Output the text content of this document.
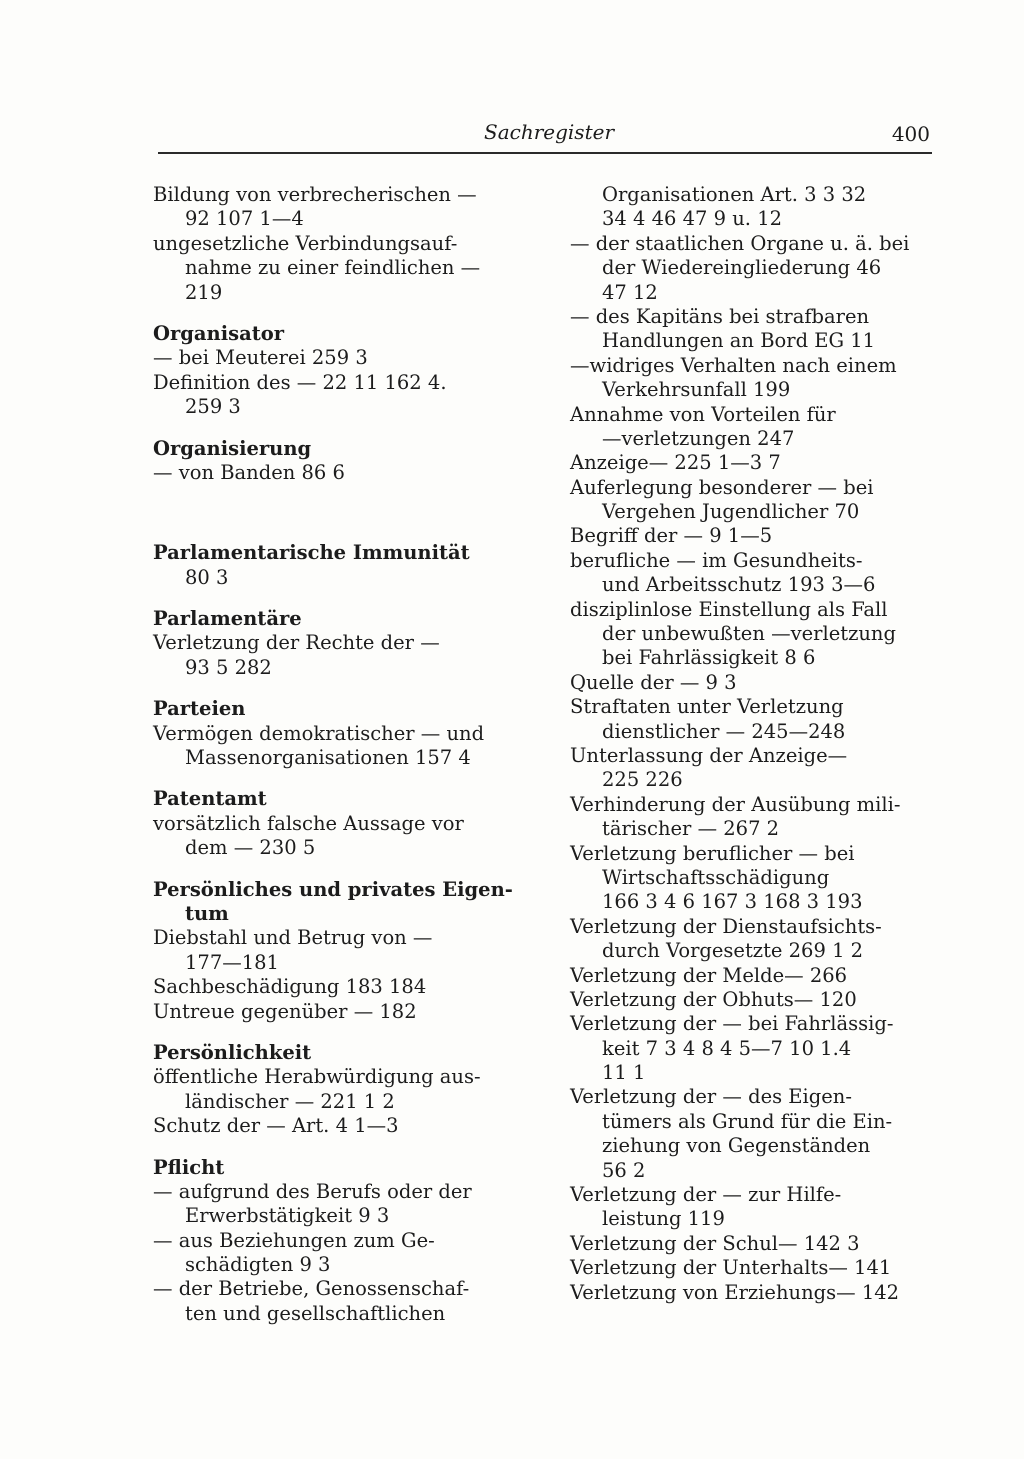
Sachregister	400
Bildung von verbrecherischen —
92 107 1—4
ungesetzliche Verbindungsauf-
nahme zu einer feindlichen —
219
Organisator
— bei Meuterei 259 3
Definition des — 22 11 162 4.
259 3
Organisierung
— von Banden 86 6
Parlamentarische Immunität
80 3
Parlamentäre
Verletzung der Rechte der —
93 5 282
Parteien
Vermögen demokratischer — und
Massenorganisationen 157 4
Patentamt
vorsätzlich falsche Aussage vor
dem — 230 5
Persönliches und privates Eigen-
tum
Diebstahl und Betrug von —
177—181
Sachbeschädigung 183 184
Untreue gegenüber — 182
Persönlichkeit
öffentliche Herabwürdigung aus-
ländischer — 221 1 2
Schutz der — Art. 4 1—3
Pflicht
— aufgrund des Berufs oder der
Erwerbstätigkeit 9 3
— aus Beziehungen zum Ge-
schädigten 9 3
— der Betriebe, Genossenschaf-
ten und gesellschaftlichen
Organisationen Art. 3 3 32
34 4 46 47 9 u. 12
— der staatlichen Organe u. ä. bei
der Wiedereingliederung 46
47 12
— des Kapitäns bei strafbaren
Handlungen an Bord EG 11
—widriges Verhalten nach einem
Verkehrsunfall 199
Annahme von Vorteilen für
—verletzungen 247
Anzeige— 225 1—3 7
Auferlegung besonderer — bei
Vergehen Jugendlicher 70
Begriff der — 9 1—5
berufliche — im Gesundheits-
und Arbeitsschutz 193 3—6
disziplinlose Einstellung als Fall
der unbewußten —verletzung
bei Fahrlässigkeit 8 6
Quelle der — 9 3
Straftaten unter Verletzung
dienstlicher — 245—248
Unterlassung der Anzeige—
225 226
Verhinderung der Ausübung mili-
tärischer — 267 2
Verletzung beruflicher — bei
Wirtschaftsschädigung
166 3 4 6 167 3 168 3 193
Verletzung der Dienstaufsichts-
durch Vorgesetzte 269 1 2
Verletzung der Melde— 266
Verletzung der Obhuts— 120
Verletzung der — bei Fahrlässig-
keit 7 3 4 8 4 5—7 10 1.4
11 1
Verletzung der — des Eigen-
tümers als Grund für die Ein-
ziehung von Gegenständen
56 2
Verletzung der — zur Hilfe-
leistung 119
Verletzung der Schul— 142 3
Verletzung der Unterhalts— 141
Verletzung von Erziehungs— 142
